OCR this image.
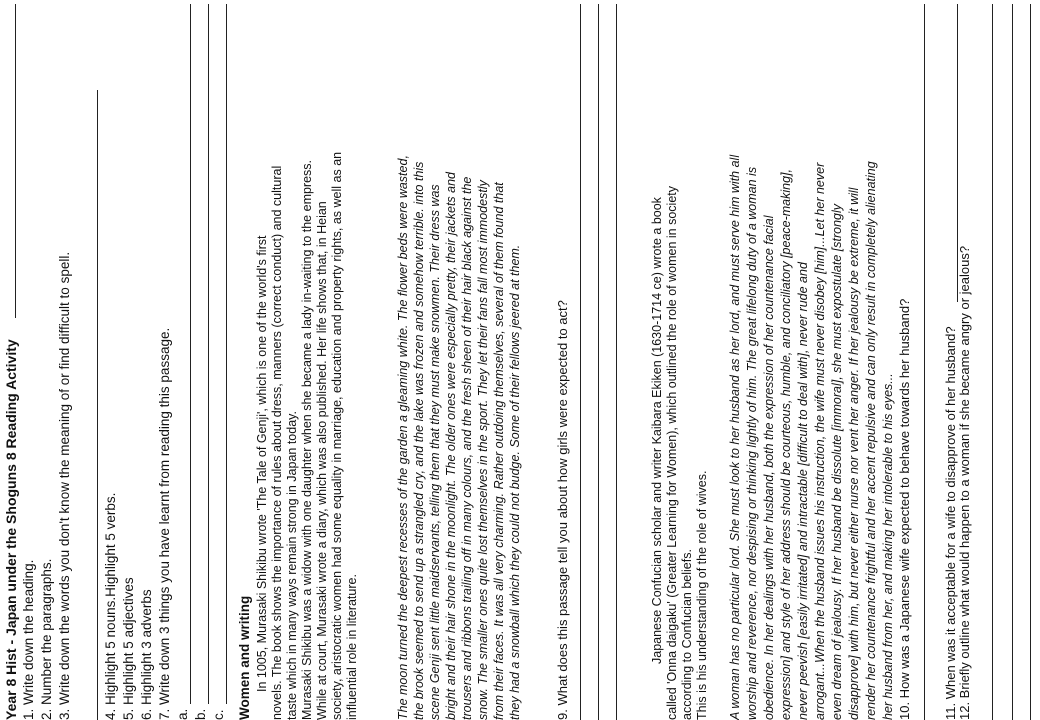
Year 8 Hist - Japan under the Shoguns 8 Reading Activity 1. Write down the heading. 2. Number the paragraphs. 3. Write down the words you don't know the meaning of or find difficult to spell. 4. Highlight 5 nouns.Highlight 5 verbs. 5. Highlight 5 adjectives 6. Highlight 3 adverbs 7. Write down 3 things you have learnt from reading this passage. a. b. c. Women and writing In 1005, Murasaki Shikibu wrote 'The Tale of Genji', which is one of the world's first novels. The book shows the importance of rules about dress, manners (correct conduct) and cultural taste which in many ways remain strong in Japan today. Murasaki Shikibu was a widow with one daughter when she became a lady in-waiting to the empress. While at court, Murasaki wrote a diary, which was also published. Her life shows that, in Heian society, aristocratic women had some equality in marriage, education and property rights, as well as an influential role in literature.	The moon turned the deepest recesses of the garden a gleaming white. The flower beds were wasted, the brook seemed to send up a strangled cry, and the lake was frozen and somehow terrible. into this scene Genji sent little maidservants, telling them that they must make snowmen. Their dress was bright and their hair shone in the moonlight. The older ones were especially pretty, their jackets and trousers and ribbons trailing off in many colours, and the fresh sheen of their hair black against the snow. The smaller ones quite lost themselves in the sport. They let their fans fall most immodestly from their faces. It was all very charming. Rather outdoing themselves, several of them found that they had a snowball which they could not budge. Some of their fellows jeered at them.	9. What does this passage tell you about how girls were expected to act?	Japanese Confucian scholar and writer Kaibara Ekiken (1630-1714 ce) wrote a book called 'Onna daigaku' (Greater Learning for Women), which outlined the role of women in society according to Confucian beliefs. This is his understanding of the role of wives. A woman has no particular lord. She must look to her husband as her lord, and must serve him with all worship and reverence, nor despising or thinking lightly of him. The great lifelong duty of a woman is obedience. In her dealings with her husband, both the expression of her countenance facial expression] and style of her address should be courteous, humble, and conciliatory [peace-making], never peevish [easily irritated] and intractable [difficult to deal with], never rude and arrogant...When the husband issues his instruction, the wife must never disobey [him]...Let her never even dream of jealousy. If her husband be dissolute [immoral], she must expostulate [strongly disapprove] with him, but never either nurse nor vent her anger. If her jealousy be extreme, it will render her countenance frightful and her accent repulsive and can only result in completely alienating her husband from her, and making her intolerable to his eyes... 10. How was a Japanese wife expected to behave towards her husband? 11. When was it acceptable for a wife to disapprove of her husband? 12. Briefly outline what would happen to a woman if she became angry or jealous?
